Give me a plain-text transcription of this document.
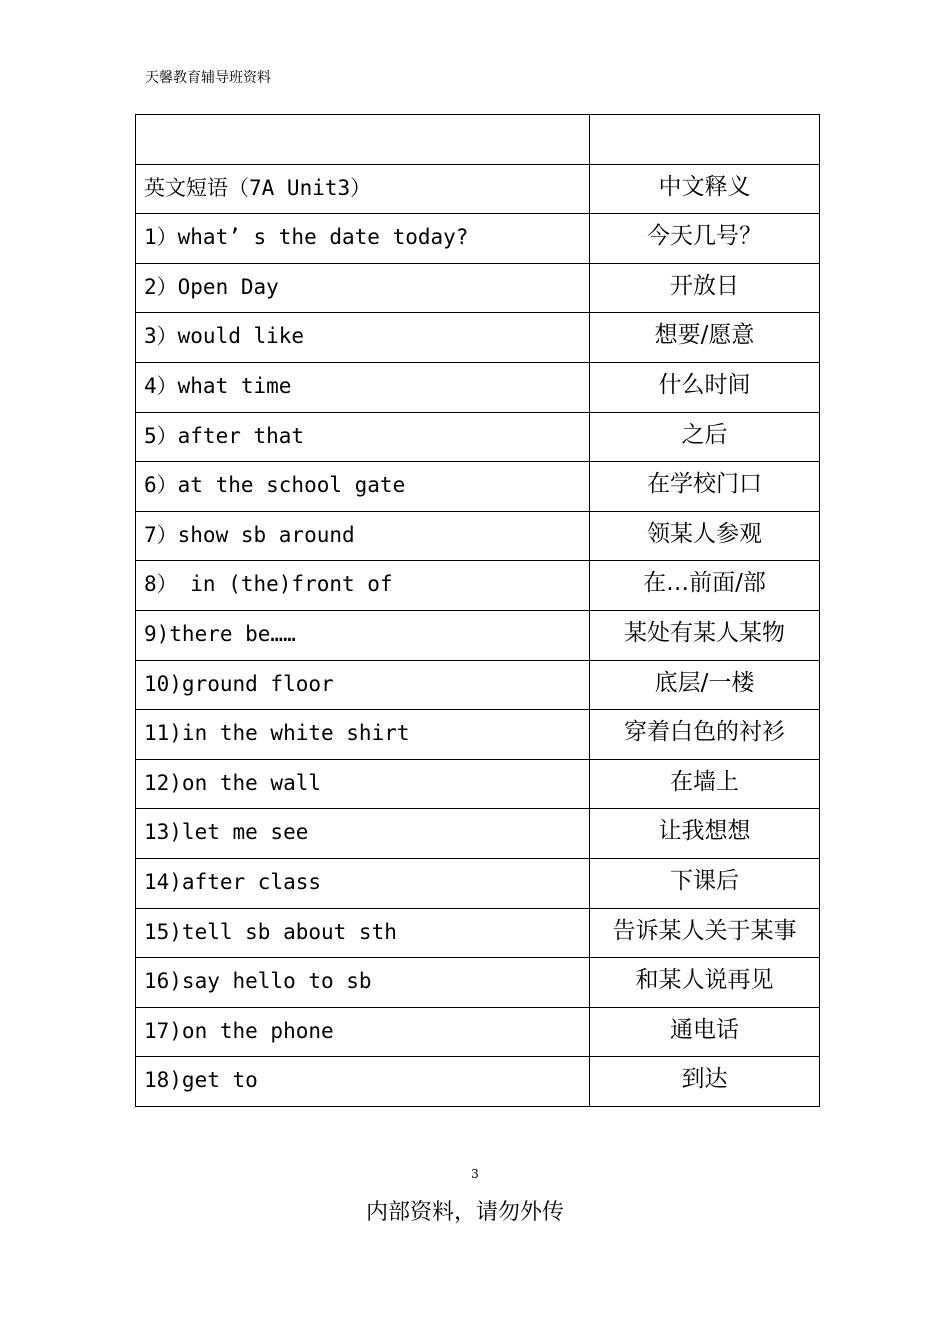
天馨教育辅导班资料

英文短语（7A Unit3）	中文释义
1）what’ s the date today?	今天几号？
2）Open Day	开放日
3）would like	想要/愿意
4）what time	什么时间
5）after that	之后
6）at the school gate	在学校门口
7）show sb around	领某人参观
8） in (the)front of	在…前面/部
9)there be……	某处有某人某物
10)ground floor	底层/一楼
11)in the white shirt	穿着白色的衬衫
12)on the wall	在墙上
13)let me see	让我想想
14)after class	下课后
15)tell sb about sth	告诉某人关于某事
16)say hello to sb	和某人说再见
17)on the phone	通电话
18)get to	到达
3
内部资料，请勿外传
